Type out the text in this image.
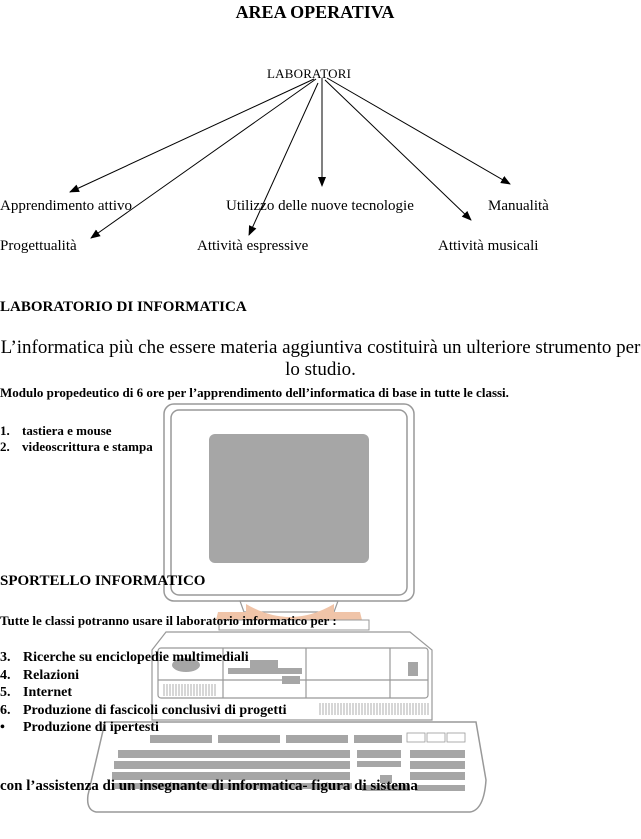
AREA OPERATIVA
LABORATORI
Apprendimento attivo	Utilizzo delle nuove tecnologie	Manualità
Progettualità	Attività espressive	Attività musicali
LABORATORIO DI INFORMATICA
L’informatica più che essere materia aggiuntiva costituirà un ulteriore strumento per lo studio.
Modulo propedeutico di 6 ore per l’apprendimento dell’informatica di base in tutte le classi.
1. tastiera e mouse
2. videoscrittura e stampa
SPORTELLO INFORMATICO
Tutte le classi potranno usare il laboratorio informatico per :
3. Ricerche su enciclopedie multimediali
4. Relazioni
5. Internet
6. Produzione di fascicoli conclusivi di progetti
• Produzione di ipertesti
con l’assistenza di un insegnante di informatica- figura di sistema
